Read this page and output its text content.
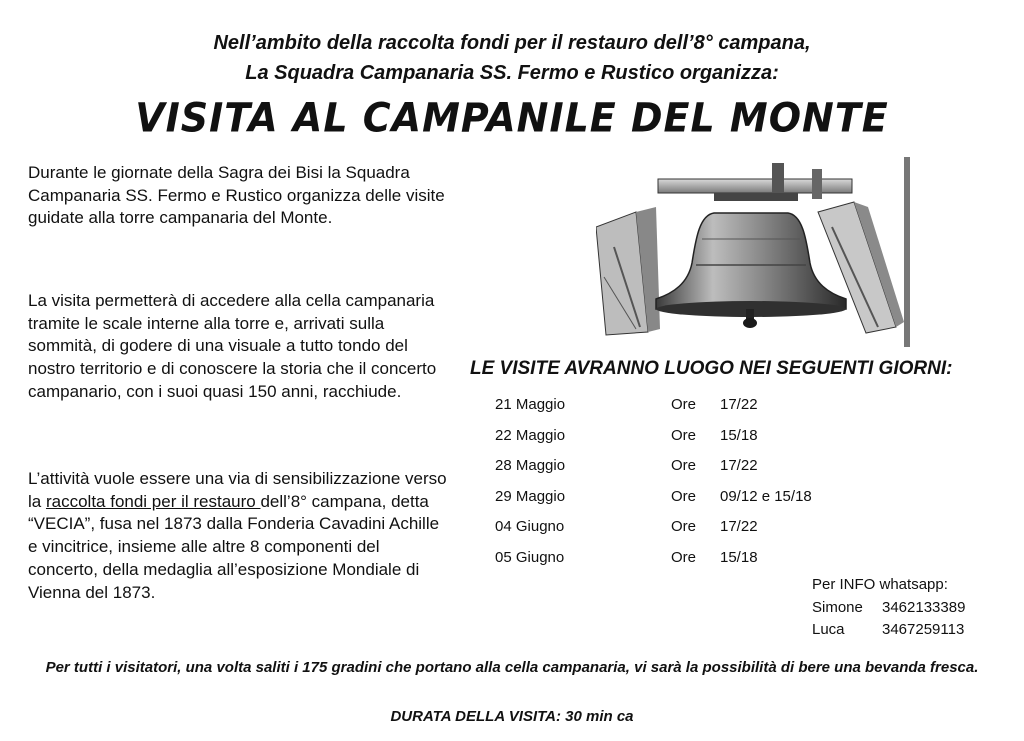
Nell’ambito della raccolta fondi per il restauro dell’8° campana,
La Squadra Campanaria SS. Fermo e Rustico organizza:
VISITA AL CAMPANILE DEL MONTE
Durante le giornate della Sagra dei Bisi la Squadra Campanaria SS. Fermo e Rustico organizza delle visite guidate alla torre campanaria del Monte.
La visita permetterà di accedere alla cella campanaria tramite le scale interne alla torre e, arrivati sulla sommità, di godere di una visuale a tutto tondo del nostro territorio e di conoscere la storia che il concerto campanario, con i suoi quasi 150 anni, racchiude.
L’attività vuole essere una via di sensibilizzazione verso la raccolta fondi per il restauro dell’8° campana, detta “VECIA”, fusa nel 1873 dalla Fonderia Cavadini Achille e vincitrice, insieme alle altre 8 componenti del concerto, della medaglia all’esposizione Mondiale di Vienna del 1873.
LE VISITE AVRANNO LUOGO NEI SEGUENTI GIORNI:
21 Maggio	Ore 17/22
22 Maggio	Ore 15/18
28 Maggio	Ore 17/22
29 Maggio	Ore 09/12 e 15/18
04 Giugno	Ore 17/22
05 Giugno	Ore 15/18
Per INFO whatsapp:
Simone 3462133389
Luca 3467259113
Per tutti i visitatori, una volta saliti i 175 gradini che portano alla cella campanaria, vi sarà la possibilità di bere una bevanda fresca.
DURATA DELLA VISITA: 30 min ca
